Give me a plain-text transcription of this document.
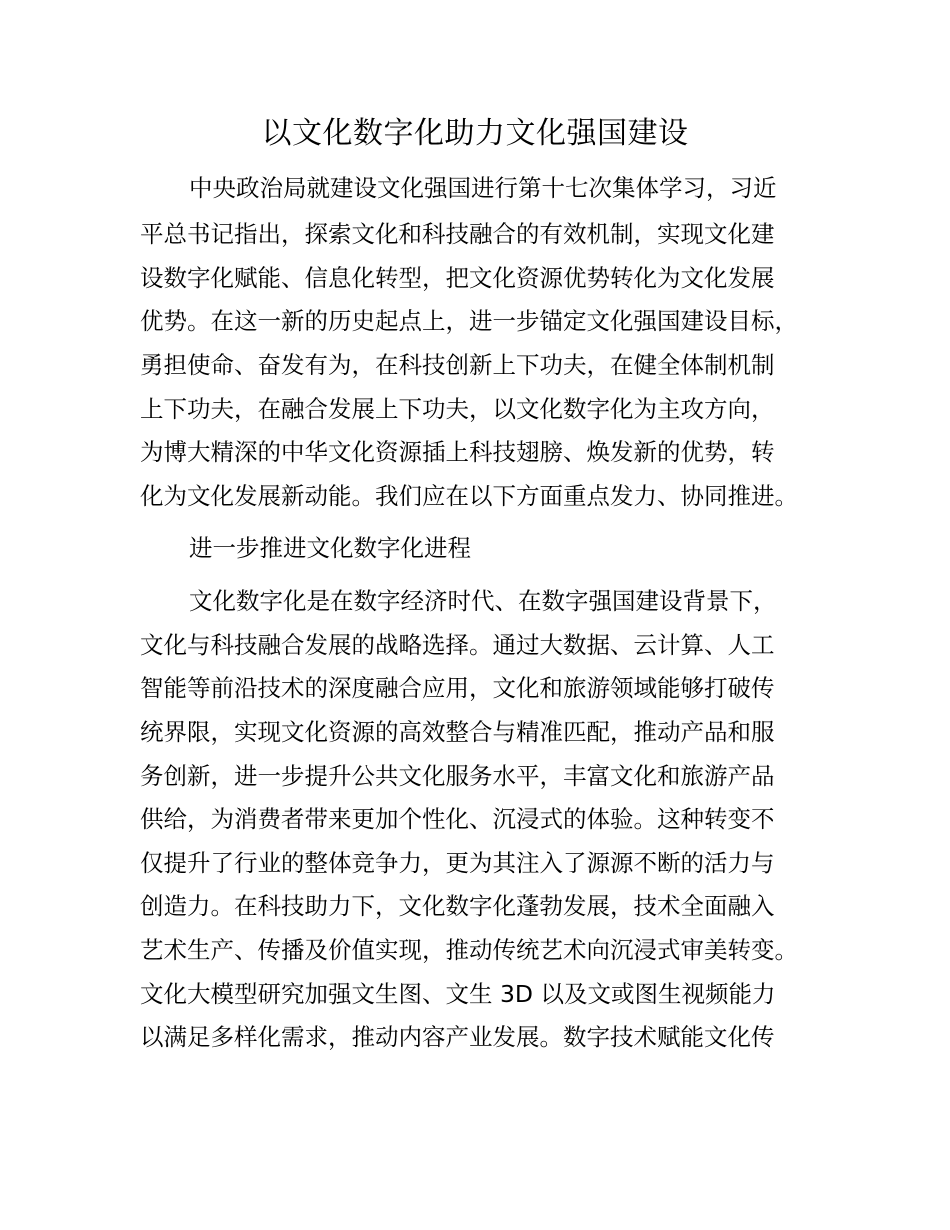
以文化数字化助力文化强国建设

中央政治局就建设文化强国进行第十七次集体学习，习近

平总书记指出，探索文化和科技融合的有效机制，实现文化建

设数字化赋能、信息化转型，把文化资源优势转化为文化发展

优势。在这一新的历史起点上，进一步锚定文化强国建设目标，

勇担使命、奋发有为，在科技创新上下功夫，在健全体制机制

上下功夫，在融合发展上下功夫，以文化数字化为主攻方向，

为博大精深的中华文化资源插上科技翅膀、焕发新的优势，转

化为文化发展新动能。我们应在以下方面重点发力、协同推进。

进一步推进文化数字化进程

文化数字化是在数字经济时代、在数字强国建设背景下，

文化与科技融合发展的战略选择。通过大数据、云计算、人工

智能等前沿技术的深度融合应用，文化和旅游领域能够打破传

统界限，实现文化资源的高效整合与精准匹配，推动产品和服

务创新，进一步提升公共文化服务水平，丰富文化和旅游产品

供给，为消费者带来更加个性化、沉浸式的体验。这种转变不

仅提升了行业的整体竞争力，更为其注入了源源不断的活力与

创造力。在科技助力下，文化数字化蓬勃发展，技术全面融入

艺术生产、传播及价值实现，推动传统艺术向沉浸式审美转变。

文化大模型研究加强文生图、文生 3D 以及文或图生视频能力

以满足多样化需求，推动内容产业发展。数字技术赋能文化传
